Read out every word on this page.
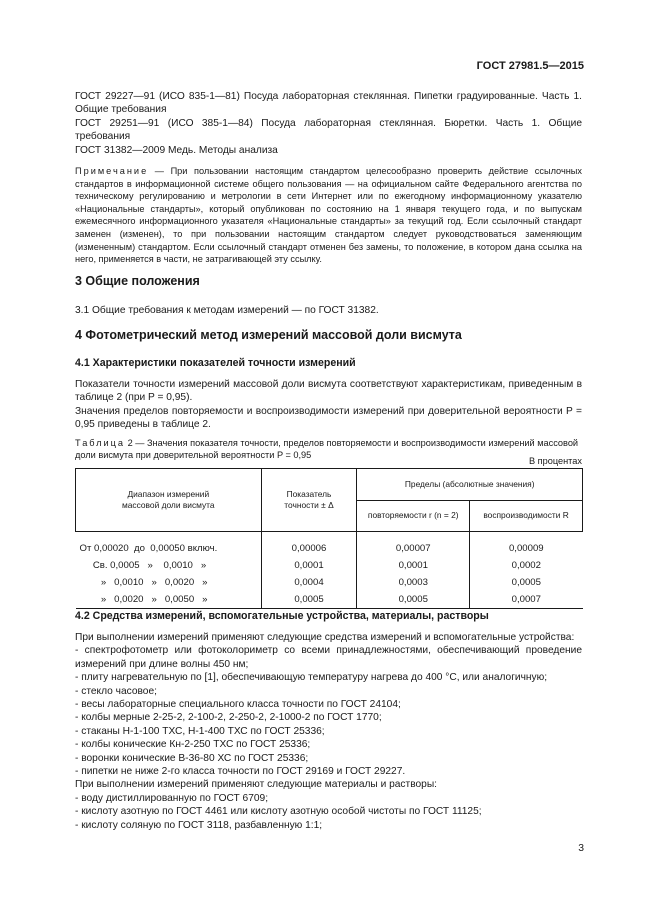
ГОСТ 27981.5—2015

ГОСТ 29227—91 (ИСО 835-1—81) Посуда лабораторная стеклянная. Пипетки градуированные. Часть 1. Общие требования

ГОСТ 29251—91 (ИСО 385-1—84) Посуда лабораторная стеклянная. Бюретки. Часть 1. Общие требования

ГОСТ 31382—2009 Медь. Методы анализа

Примечание — При пользовании настоящим стандартом целесообразно проверить действие ссылочных стандартов в информационной системе общего пользования — на официальном сайте Федерального агентства по техническому регулированию и метрологии в сети Интернет или по ежегодному информационному указателю «Национальные стандарты», который опубликован по состоянию на 1 января текущего года, и по выпускам ежемесячного информационного указателя «Национальные стандарты» за текущий год. Если ссылочный стандарт заменен (изменен), то при пользовании настоящим стандартом следует руководствоваться заменяющим (измененным) стандартом. Если ссылочный стандарт отменен без замены, то положение, в котором дана ссылка на него, применяется в части, не затрагивающей эту ссылку.
3 Общие положения
3.1 Общие требования к методам измерений — по ГОСТ 31382.
4 Фотометрический метод измерений массовой доли висмута
4.1 Характеристики показателей точности измерений

Показатели точности измерений массовой доли висмута соответствуют характеристикам, приведенным в таблице 2 (при P = 0,95).

Значения пределов повторяемости и воспроизводимости измерений при доверительной вероятности P = 0,95 приведены в таблице 2.

Таблица 2 — Значения показателя точности, пределов повторяемости и воспроизводимости измерений массовой доли висмута при доверительной вероятности P = 0,95
В процентах
Диапазон измерений массовой доли висмута	Показатель точности ± Δ	Пределы (абсолютные значения)	
		повторяемости r (n = 2)	воспроизводимости R
От 0,00020  до  0,00050 включ.	0,00006	0,00007	0,00009
Св. 0,0005   »    0,0010   »	0,0001	0,0001	0,0002
»   0,0010   »   0,0020   »	0,0004	0,0003	0,0005
»   0,0020   »   0,0050   »	0,0005	0,0005	0,0007
4.2 Средства измерений, вспомогательные устройства, материалы, растворы

При выполнении измерений применяют следующие средства измерений и вспомогательные устройства:

- спектрофотометр или фотоколориметр со всеми принадлежностями, обеспечивающий проведение измерений при длине волны 450 нм;

- плиту нагревательную по [1], обеспечивающую температуру нагрева до 400 °С, или аналогичную;

- стекло часовое;

- весы лабораторные специального класса точности по ГОСТ 24104;

- колбы мерные 2-25-2, 2-100-2, 2-250-2, 2-1000-2 по ГОСТ 1770;

- стаканы Н-1-100 ТХС, Н-1-400 ТХС по ГОСТ 25336;

- колбы конические Кн-2-250 ТХС по ГОСТ 25336;

- воронки конические В-36-80 ХС по ГОСТ 25336;

- пипетки не ниже 2-го класса точности по ГОСТ 29169 и ГОСТ 29227.

При выполнении измерений применяют следующие материалы и растворы:

- воду дистиллированную по ГОСТ 6709;

- кислоту азотную по ГОСТ 4461 или кислоту азотную особой чистоты по ГОСТ 11125;

- кислоту соляную по ГОСТ 3118, разбавленную 1:1;

3
